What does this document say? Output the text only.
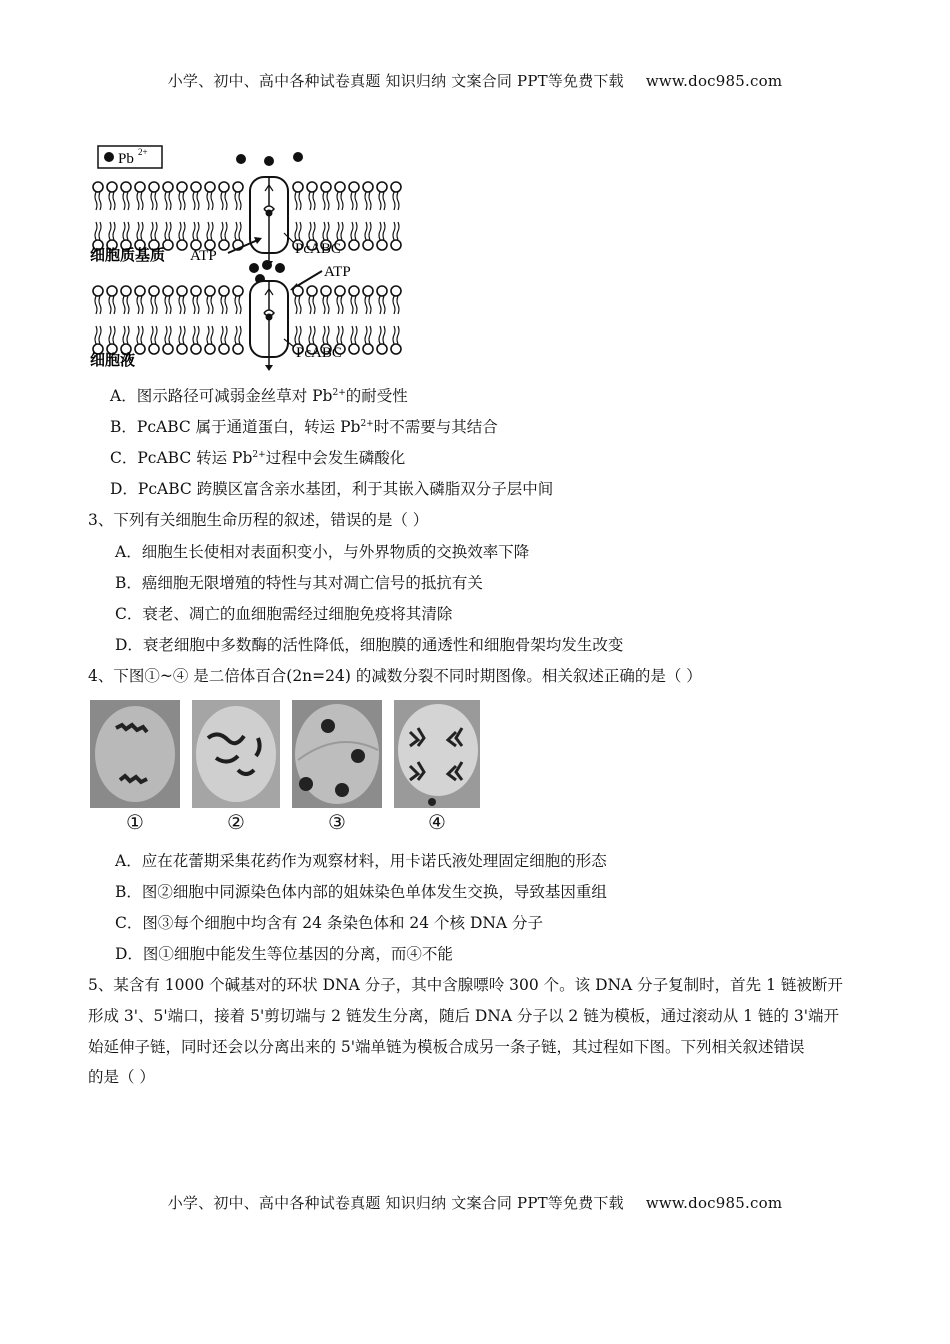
小学、初中、高中各种试卷真题 知识归纳 文案合同 PPT等免费下载 www.doc985.com
Pb 2+
细胞质基质 ATP	PcABC
ATP
PcABC
细胞液
A．图示路径可减弱金丝草对 $Pb^{2+}$的耐受性
B．PcABC 属于通道蛋白，转运 $Pb^{2+}$时不需要与其结合
C．PcABC 转运 $Pb^{2+}$过程中会发生磷酸化
D．PcABC 跨膜区富含亲水基团，利于其嵌入磷脂双分子层中间
3、下列有关细胞生命历程的叙述，错误的是（ ）
A．细胞生长使相对表面积变小，与外界物质的交换效率下降
B．癌细胞无限增殖的特性与其对凋亡信号的抵抗有关
C．衰老、凋亡的血细胞需经过细胞免疫将其清除
D．衰老细胞中多数酶的活性降低，细胞膜的通透性和细胞骨架均发生改变
4、下图①~④ 是二倍体百合(2n=24) 的减数分裂不同时期图像。相关叙述正确的是（ ）
①	②	③	④
A．应在花蕾期采集花药作为观察材料，用卡诺氏液处理固定细胞的形态
B．图②细胞中同源染色体内部的姐妹染色单体发生交换，导致基因重组
C．图③每个细胞中均含有 24 条染色体和 24 个核 DNA 分子
D．图①细胞中能发生等位基因的分离，而④不能
5、某含有 1000 个碱基对的环状 DNA 分子，其中含腺嘌呤 300 个。该 DNA 分子复制时，首先 1 链被断开
形成 3'、5'端口，接着 5'剪切端与 2 链发生分离，随后 DNA 分子以 2 链为模板，通过滚动从 1 链的 3'端开
始延伸子链，同时还会以分离出来的 5'端单链为模板合成另一条子链，其过程如下图。下列相关叙述错误
的是（ ）
小学、初中、高中各种试卷真题 知识归纳 文案合同 PPT等免费下载 www.doc985.com
